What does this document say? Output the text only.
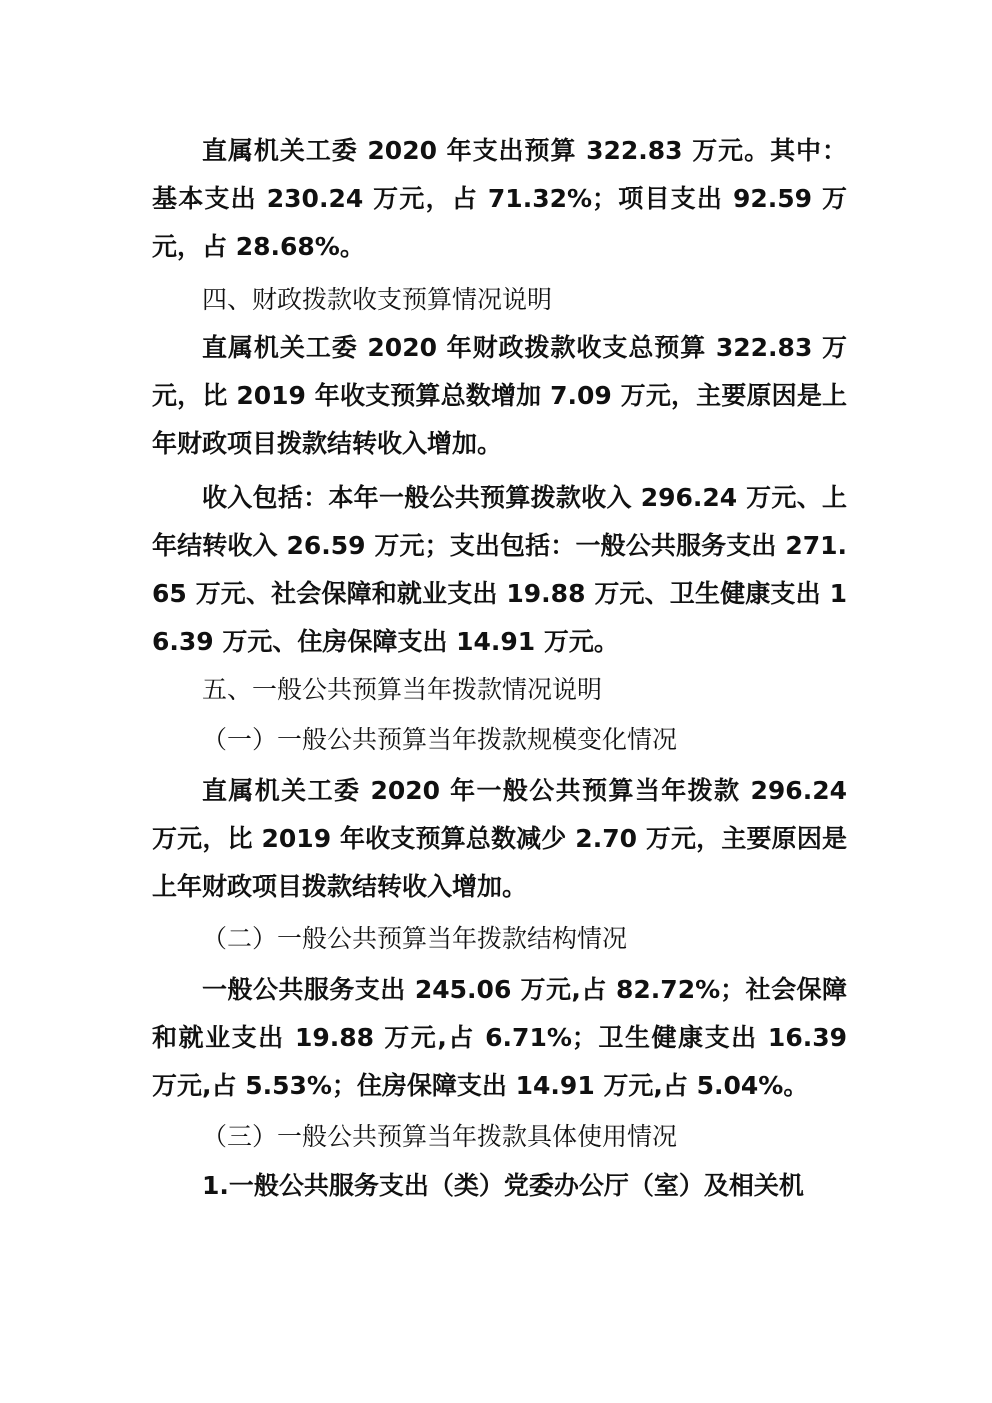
直属机关工委 2020 年支出预算 322.83 万元。其中：基本支出 230.24 万元，占 71.32%；项目支出 92.59 万元，占 28.68%。

四、财政拨款收支预算情况说明

直属机关工委 2020 年财政拨款收支总预算 322.83 万元，比 2019 年收支预算总数增加 7.09 万元，主要原因是上年财政项目拨款结转收入增加。

收入包括：本年一般公共预算拨款收入 296.24 万元、上年结转收入 26.59 万元；支出包括：一般公共服务支出 271.65 万元、社会保障和就业支出 19.88 万元、卫生健康支出 16.39 万元、住房保障支出 14.91 万元。

五、一般公共预算当年拨款情况说明

（一）一般公共预算当年拨款规模变化情况

直属机关工委 2020 年一般公共预算当年拨款 296.24 万元，比 2019 年收支预算总数减少 2.70 万元，主要原因是上年财政项目拨款结转收入增加。

（二）一般公共预算当年拨款结构情况

一般公共服务支出 245.06 万元,占 82.72%；社会保障和就业支出 19.88 万元,占 6.71%；卫生健康支出 16.39 万元,占 5.53%；住房保障支出 14.91 万元,占 5.04%。

（三）一般公共预算当年拨款具体使用情况

1.一般公共服务支出（类）党委办公厅（室）及相关机
